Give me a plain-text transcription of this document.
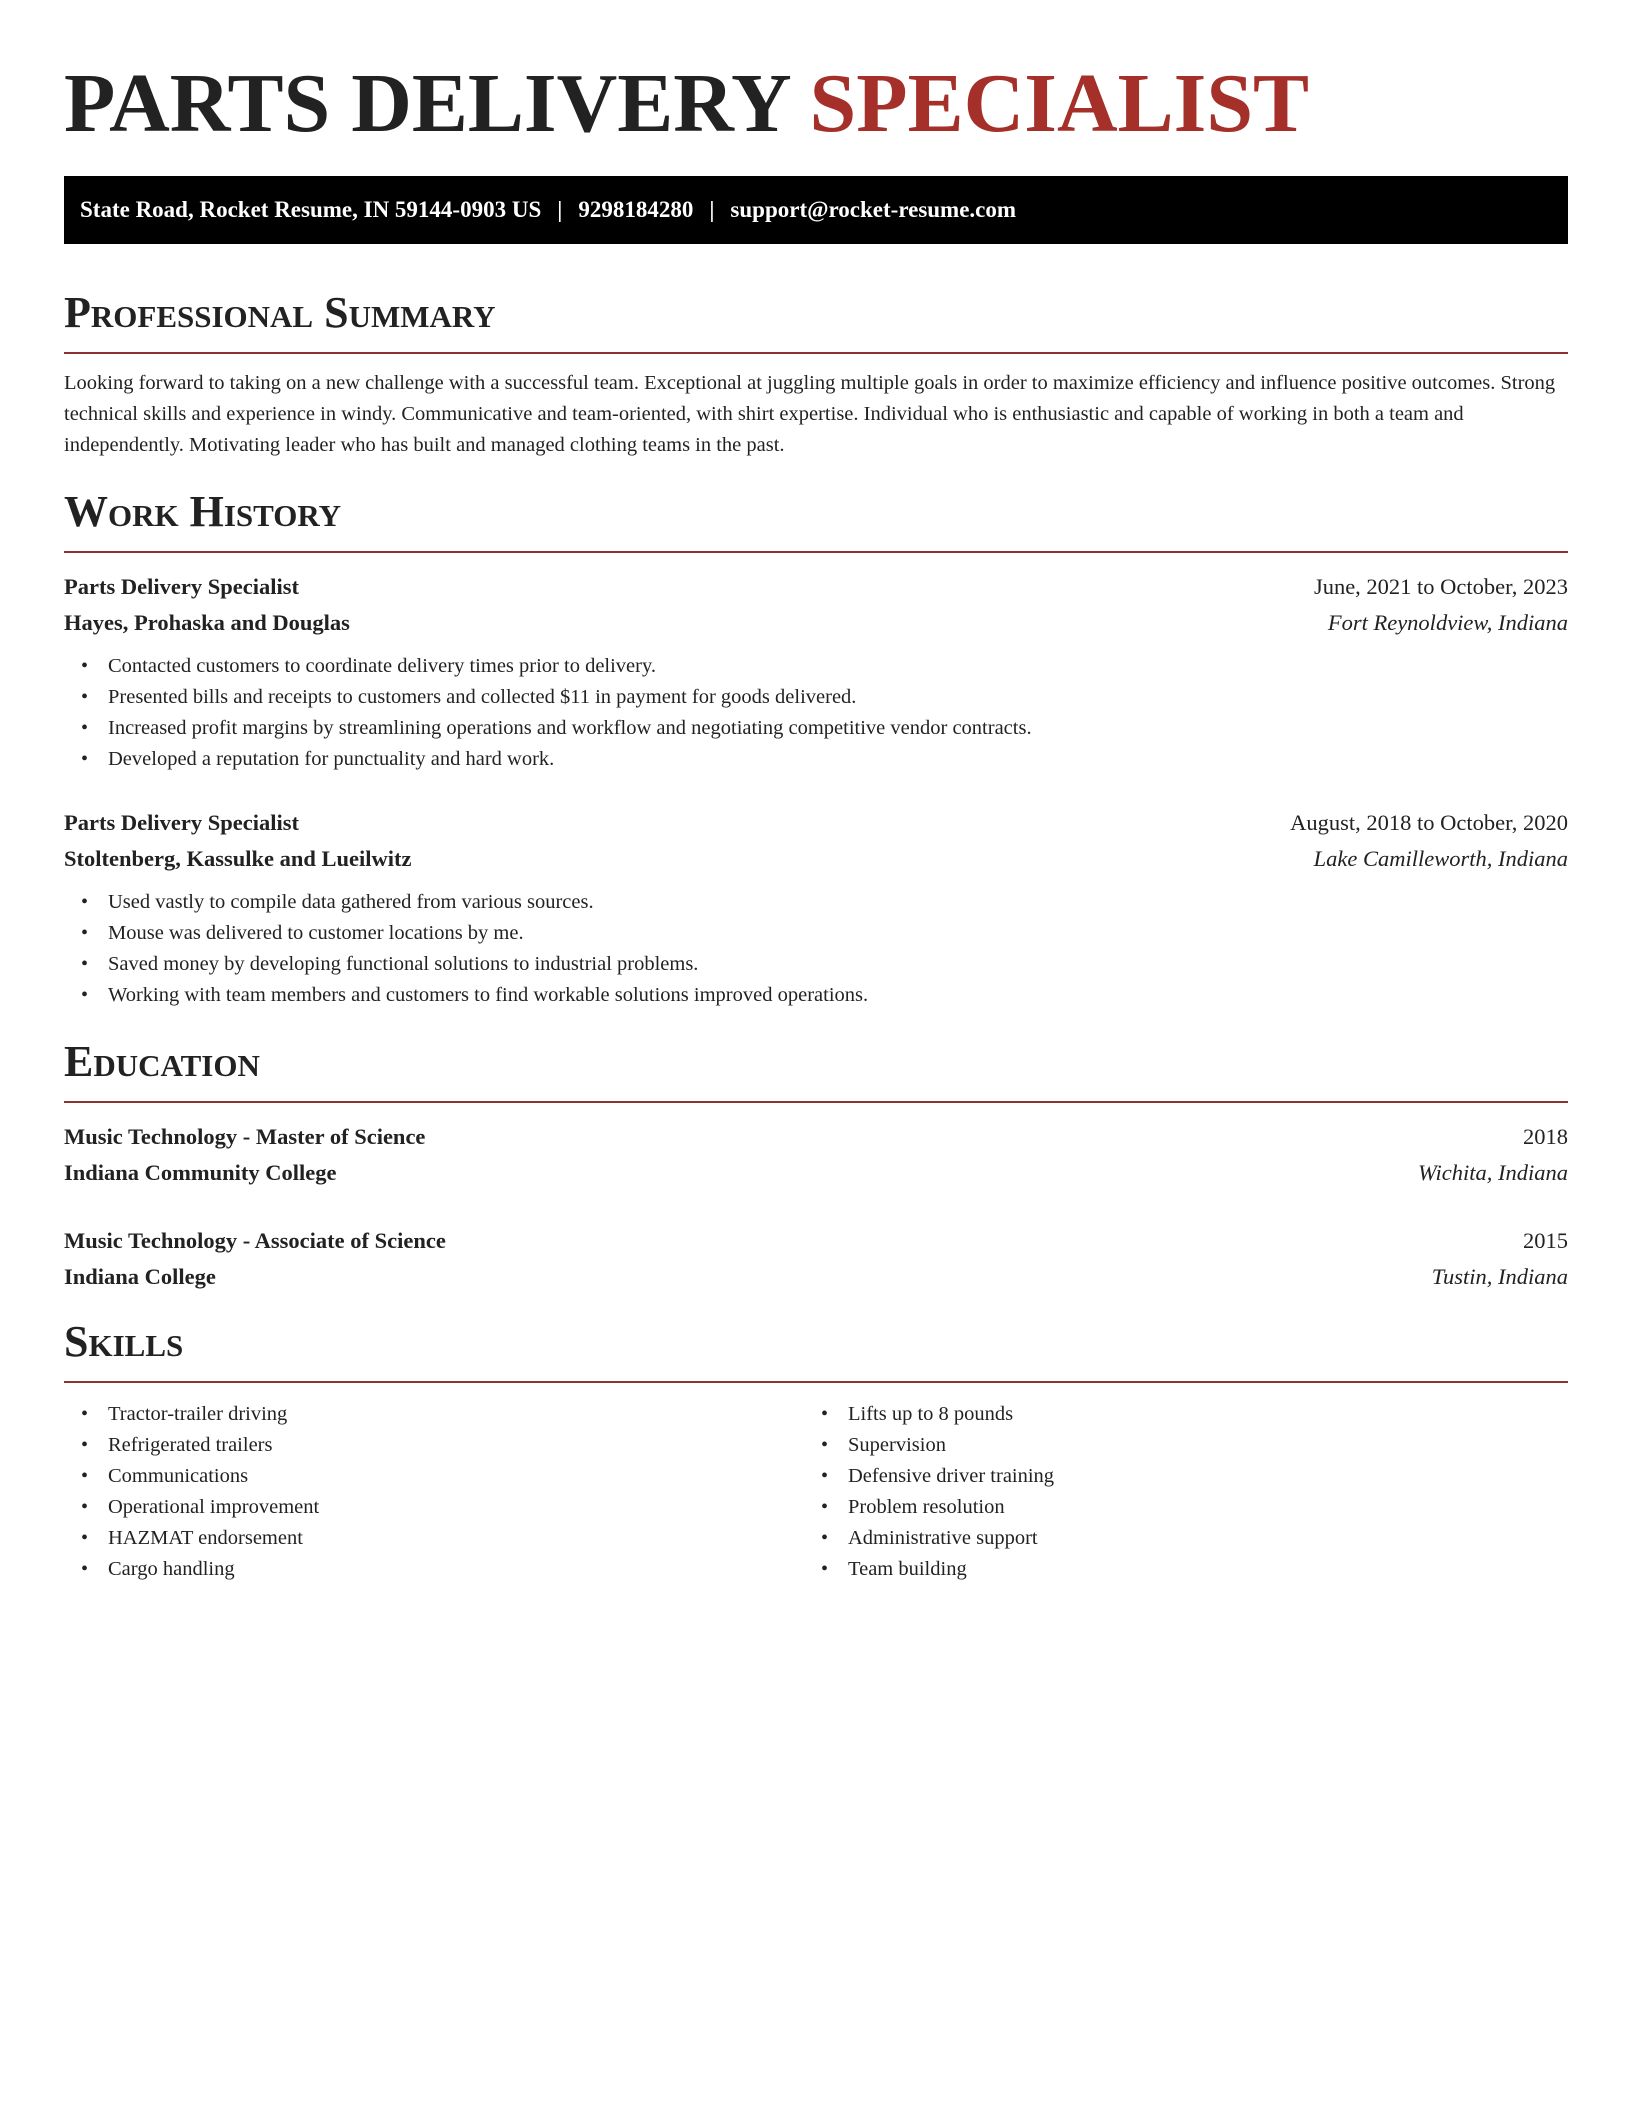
PARTS DELIVERY SPECIALIST
State Road, Rocket Resume, IN 59144-0903 US | 9298184280 | support@rocket-resume.com
Professional Summary

Looking forward to taking on a new challenge with a successful team. Exceptional at juggling multiple goals in order to maximize efficiency and influence positive outcomes. Strong technical skills and experience in windy. Communicative and team-oriented, with shirt expertise. Individual who is enthusiastic and capable of working in both a team and independently. Motivating leader who has built and managed clothing teams in the past.

Work History
Parts Delivery Specialist	June, 2021 to October, 2023
Hayes, Prohaska and Douglas	Fort Reynoldview, Indiana
• Contacted customers to coordinate delivery times prior to delivery.
• Presented bills and receipts to customers and collected $11 in payment for goods delivered.
• Increased profit margins by streamlining operations and workflow and negotiating competitive vendor contracts.
• Developed a reputation for punctuality and hard work.
Parts Delivery Specialist	August, 2018 to October, 2020
Stoltenberg, Kassulke and Lueilwitz	Lake Camilleworth, Indiana
• Used vastly to compile data gathered from various sources.
• Mouse was delivered to customer locations by me.
• Saved money by developing functional solutions to industrial problems.
• Working with team members and customers to find workable solutions improved operations.
Education
Music Technology - Master of Science	2018
Indiana Community College	Wichita, Indiana
Music Technology - Associate of Science	2015
Indiana College	Tustin, Indiana
Skills
• Tractor-trailer driving
• Refrigerated trailers
• Communications
• Operational improvement
• HAZMAT endorsement
• Cargo handling
• Lifts up to 8 pounds
• Supervision
• Defensive driver training
• Problem resolution
• Administrative support
• Team building
